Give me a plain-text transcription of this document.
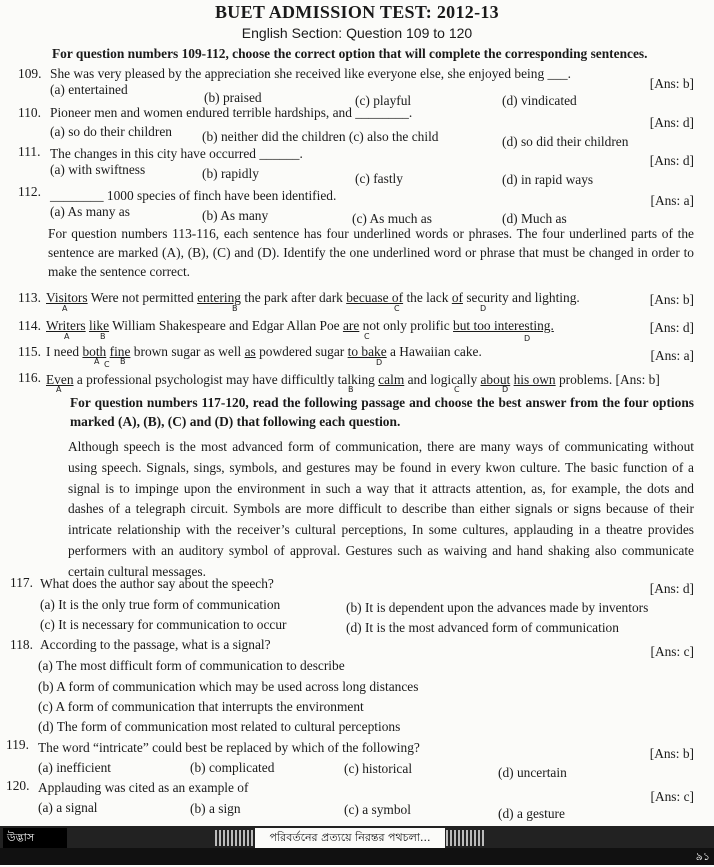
BUET ADMISSION TEST: 2012-13
English Section: Question 109 to 120
For question numbers 109-112, choose the correct option that will complete the corresponding sentences.
109. She was very pleased by the appreciation she received like everyone else, she enjoyed being ___.
[Ans: b]
(a) entertained
(b) praised	(c) playful	(d) vindicated
110. Pioneer men and women endured terrible hardships, and ________.
[Ans: d]
(a) so do their children (b) neither did the children (c) also the child	(d) so did their children
111. The changes in this city have occurred ______.	[Ans: d]
(a) with swiftness	(b) rapidly	(c) fastly	(d) in rapid ways
112. ________ 1000 species of finch have been identified.	[Ans: a]
(a) As many as	(b) As many	(c) As much as	(d) Much as
For question numbers 113-116, each sentence has four underlined words or phrases. The four underlined parts of the sentence are marked (A), (B), (C) and (D). Identify the one underlined word or phrase that must be changed in order to make the sentence correct.
113. Visitors Were not permitted entering the park after dark becuase of the lack of security and lighting.
A	B	C	D
[Ans: b]
114. Writers like William Shakespeare and Edgar Allan Poe are not only prolific but too interesting.
A	B	C	D
[Ans: d]
115. I need both fine brown sugar as well as powdered sugar to bake a Hawaiian cake.
A C B	D	[Ans: a]
116. Even a professional psychologist may have difficultly talking calm and logically about his own problems. [Ans: b]
A	B	C	D
For question numbers 117-120, read the following passage and choose the best answer from the four options marked (A), (B), (C) and (D) that following each question.
Although speech is the most advanced form of communication, there are many ways of communicating without using speech. Signals, sings, symbols, and gestures may be found in every kwon culture. The basic function of a signal is to impinge upon the environment in such a way that it attracts attention, as, for example, the dots and dashes of a telegraph circuit. Symbols are more difficult to describe than either signals or signs because of their intricate relationship with the receiver’s cultural perceptions, In some cultures, applauding in a theatre provides performers with an auditory symbol of approval. Gestures such as waiving and hand shaking also communicate certain cultural messages.
117. What does the author say about the speech?	[Ans: d]
(a) It is the only true form of communication	(b) It is dependent upon the advances made by inventors
(c) It is necessary for communication to occur	(d) It is the most advanced form of communication
118. According to the passage, what is a signal?	[Ans: c]
(a) The most difficult form of communication to describe
(b) A form of communication which may be used across long distances
(c) A form of communication that interrupts the environment
(d) The form of communication most related to cultural perceptions
119. The word “intricate” could best be replaced by which of the following?	[Ans: b]
(a) inefficient	(b) complicated	(c) historical	(d) uncertain
120. Applauding was cited as an example of
[Ans: c]
(a) a signal	(b) a sign	(c) a symbol	(d) a gesture
উদ্ভাস	পরিবর্তনের প্রত্যয়ে নিরন্তর পথচলা...
৯১
